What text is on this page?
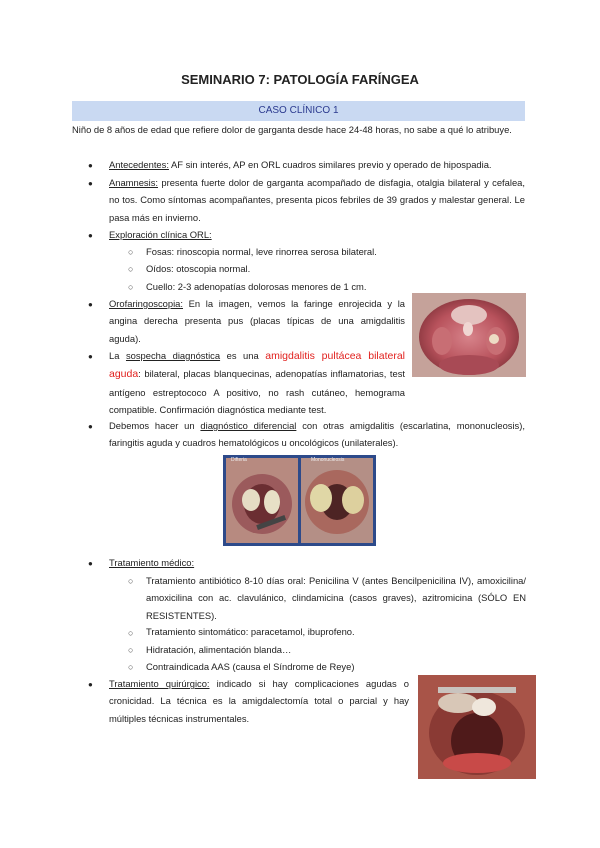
SEMINARIO 7: PATOLOGÍA FARÍNGEA
CASO CLÍNICO 1
Niño de 8 años de edad que refiere dolor de garganta desde hace 24-48 horas, no sabe a qué lo atribuye.
● Antecedentes: AF sin interés, AP en ORL cuadros similares previo y operado de hipospadia.
● Anamnesis: presenta fuerte dolor de garganta acompañado de disfagia, otalgia bilateral y cefalea, no tos. Como síntomas acompañantes, presenta picos febriles de 39 grados y malestar general. Le pasa más en invierno.
● Exploración clínica ORL:
○ Fosas: rinoscopia normal, leve rinorrea serosa bilateral.
○ Oídos: otoscopia normal.
○ Cuello: 2-3 adenopatías dolorosas menores de 1 cm.
● Orofaringoscopia: En la imagen, vemos la faringe enrojecida y la angina derecha presenta pus (placas típicas de una amigdalitis aguda).
● La sospecha diagnóstica es una amigdalitis pultácea bilateral aguda: bilateral, placas blanquecinas, adenopatías inflamatorias, test antígeno estreptococo A positivo, no rash cutáneo, hemograma compatible. Confirmación diagnóstica mediante test.
● Debemos hacer un diagnóstico diferencial con otras amigdalitis (escarlatina, mononucleosis), faringitis aguda y cuadros hematológicos u oncológicos (unilaterales).
Difteria	Mononucleosis
● Tratamiento médico:
○ Tratamiento antibiótico 8-10 días oral: Penicilina V (antes Bencilpenicilina IV), amoxicilina/ amoxicilina con ac. clavulánico, clindamicina (casos graves), azitromicina (SÓLO EN RESISTENTES).
○ Tratamiento sintomático: paracetamol, ibuprofeno.
○ Hidratación, alimentación blanda…
○ Contraindicada AAS (causa el Síndrome de Reye)
● Tratamiento quirúrgico: indicado si hay complicaciones agudas o cronicidad. La técnica es la amigdalectomía total o parcial y hay múltiples técnicas instrumentales.
